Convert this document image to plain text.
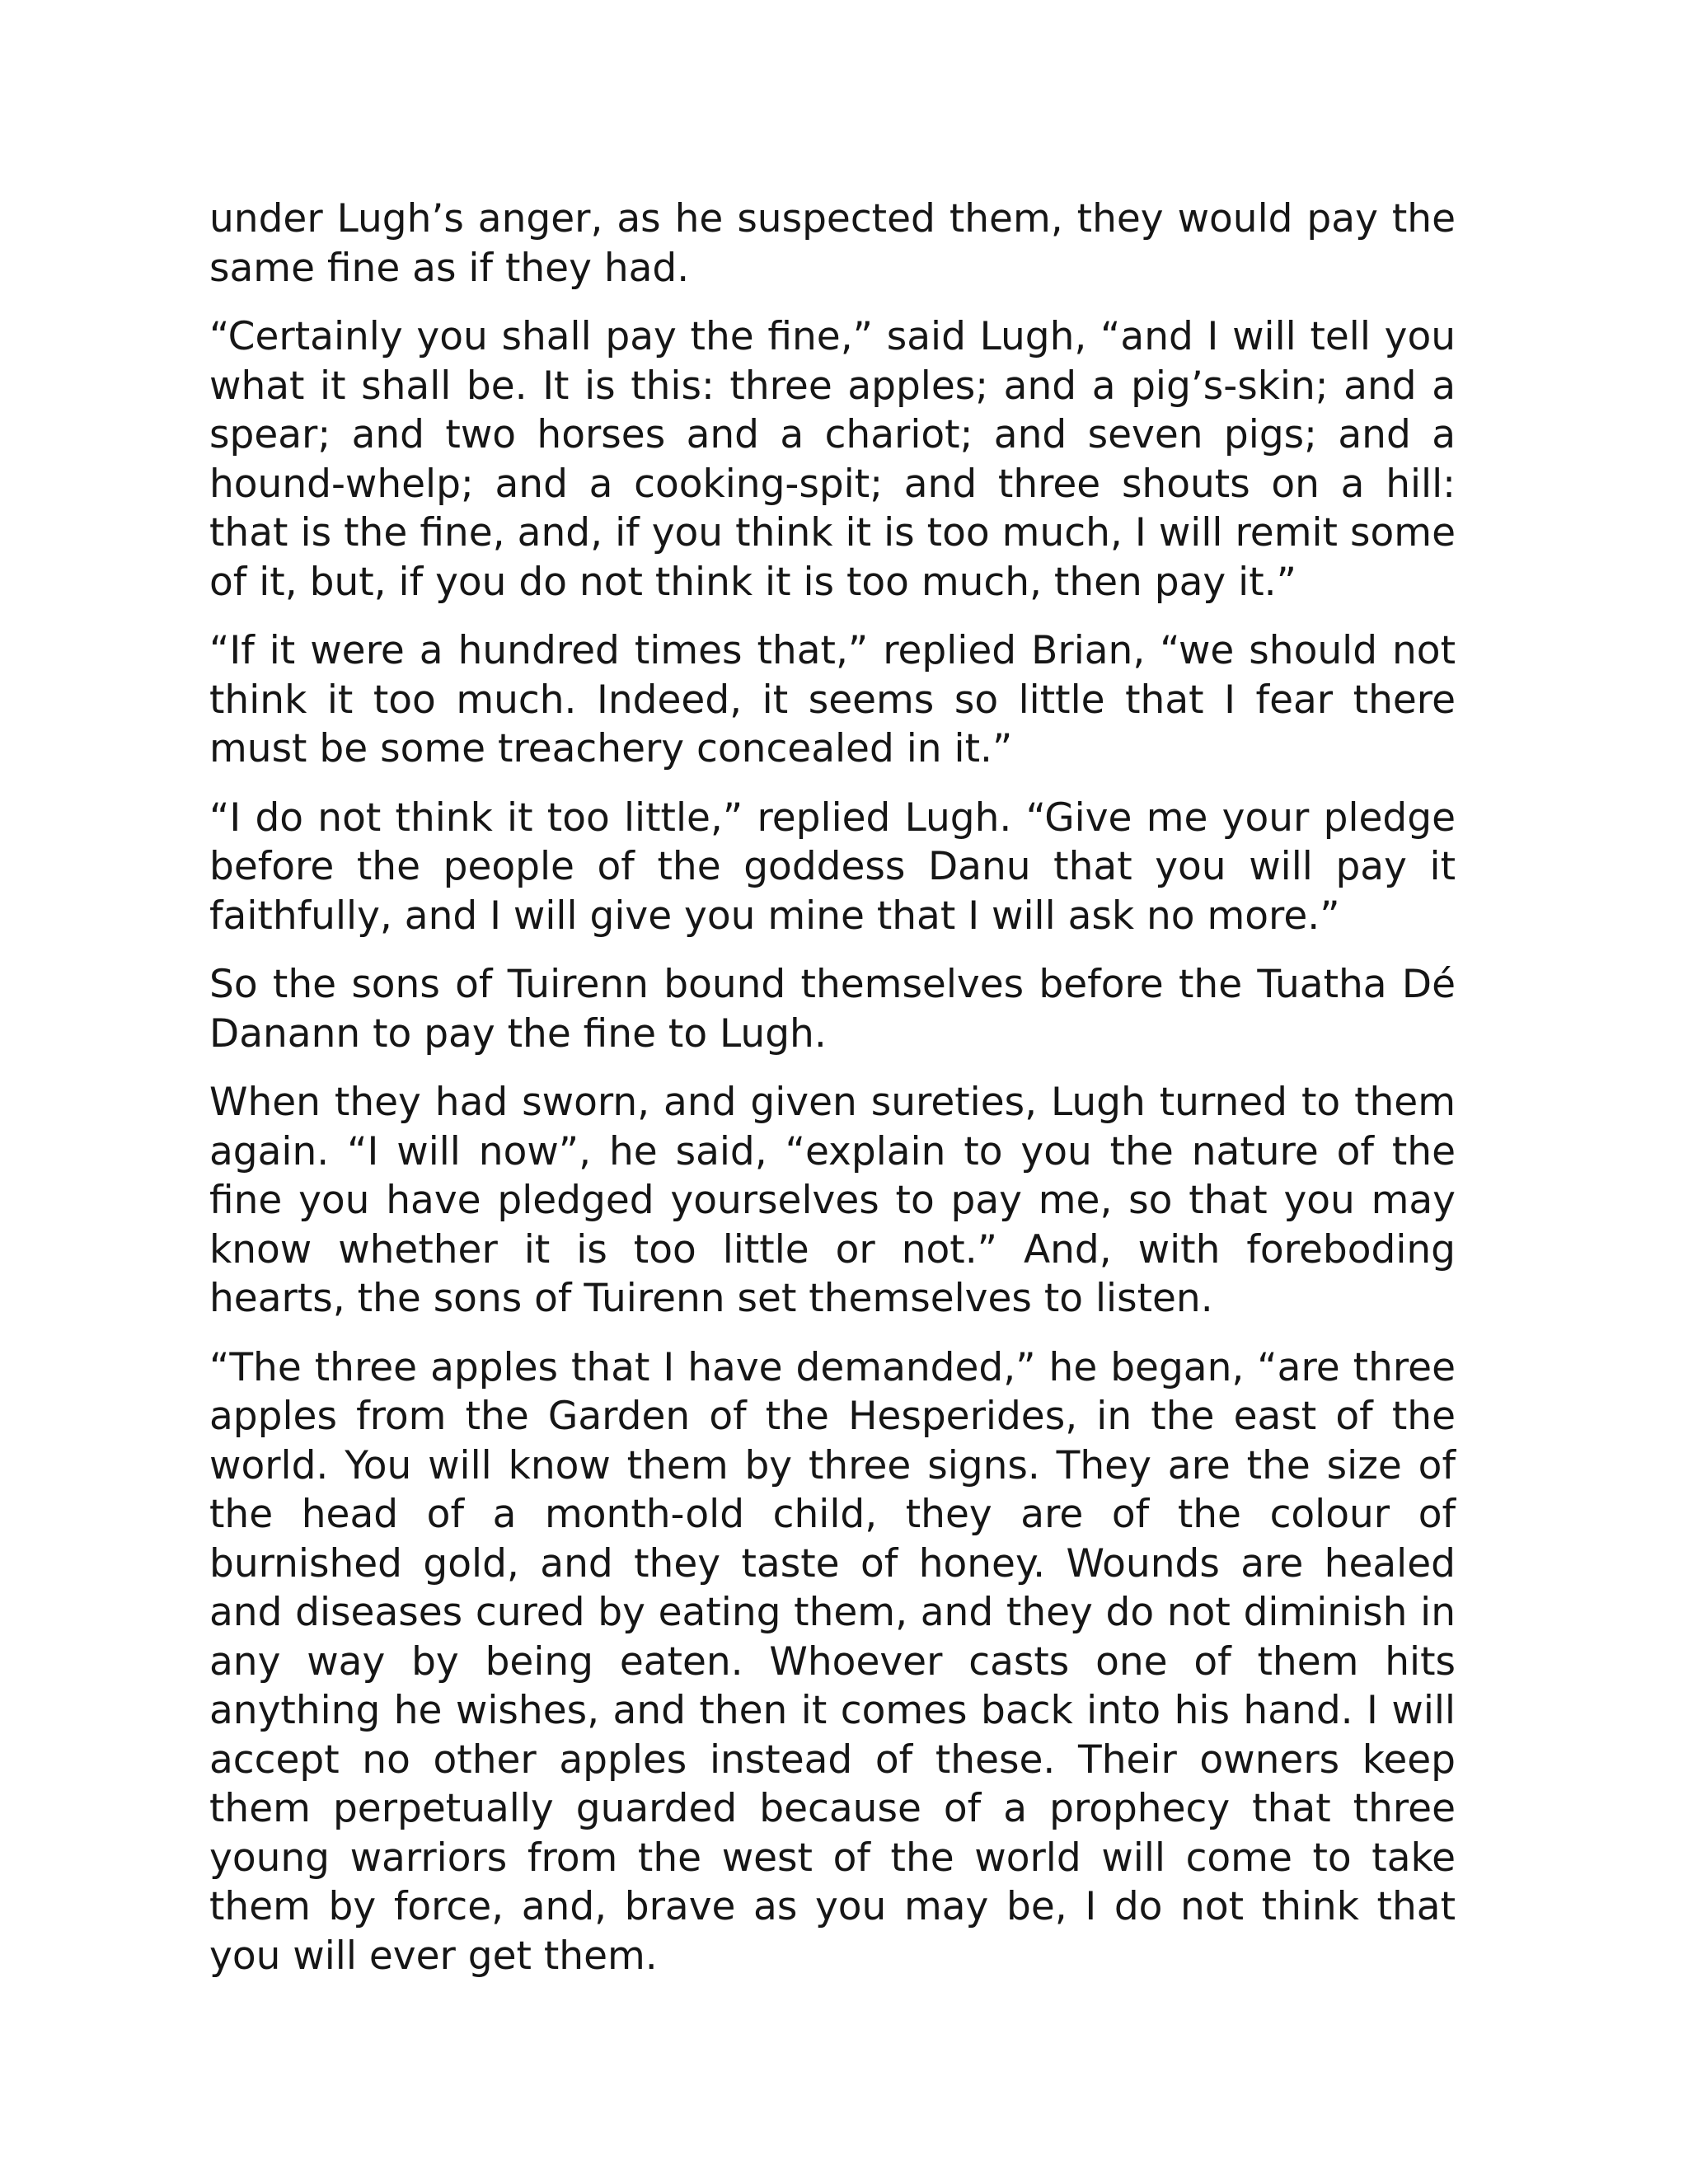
under Lugh’s anger, as he suspected them, they would pay the same fine as if they had.

“Certainly you shall pay the fine,” said Lugh, “and I will tell you what it shall be. It is this: three apples; and a pig’s-skin; and a spear; and two horses and a chariot; and seven pigs; and a hound-whelp; and a cooking-spit; and three shouts on a hill: that is the fine, and, if you think it is too much, I will remit some of it, but, if you do not think it is too much, then pay it.”

“If it were a hundred times that,” replied Brian, “we should not think it too much. Indeed, it seems so little that I fear there must be some treachery concealed in it.”

“I do not think it too little,” replied Lugh. “Give me your pledge before the people of the goddess Danu that you will pay it faithfully, and I will give you mine that I will ask no more.”

So the sons of Tuirenn bound themselves before the Tuatha Dé Danann to pay the fine to Lugh.

When they had sworn, and given sureties, Lugh turned to them again. “I will now”, he said, “explain to you the nature of the fine you have pledged yourselves to pay me, so that you may know whether it is too little or not.” And, with foreboding hearts, the sons of Tuirenn set themselves to listen.

“The three apples that I have demanded,” he began, “are three apples from the Garden of the Hesperides, in the east of the world. You will know them by three signs. They are the size of the head of a month-old child, they are of the colour of burnished gold, and they taste of honey. Wounds are healed and diseases cured by eating them, and they do not diminish in any way by being eaten. Whoever casts one of them hits anything he wishes, and then it comes back into his hand. I will accept no other apples instead of these. Their owners keep them perpetually guarded because of a prophecy that three young warriors from the west of the world will come to take them by force, and, brave as you may be, I do not think that you will ever get them.
